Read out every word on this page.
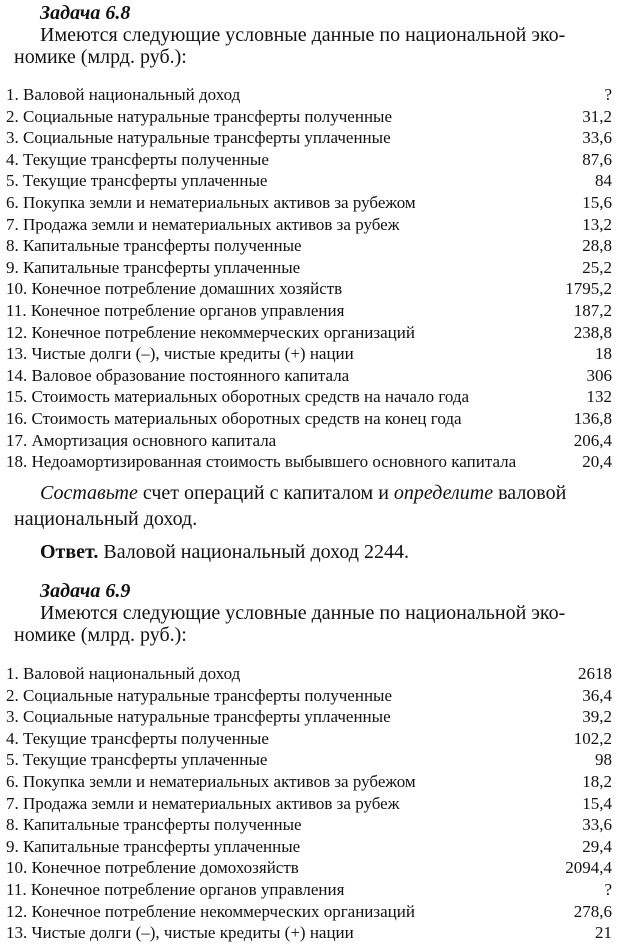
Задача 6.8
Имеются следующие условные данные по национальной эко-
номике (млрд. руб.):
1. Валовой национальный доход	?
2. Социальные натуральные трансферты полученные	31,2
3. Социальные натуральные трансферты уплаченные	33,6
4. Текущие трансферты полученные	87,6
5. Текущие трансферты уплаченные	84
6. Покупка земли и нематериальных активов за рубежом	15,6
7. Продажа земли и нематериальных активов за рубеж	13,2
8. Капитальные трансферты полученные	28,8
9. Капитальные трансферты уплаченные	25,2
10. Конечное потребление домашних хозяйств	1795,2
11. Конечное потребление органов управления	187,2
12. Конечное потребление некоммерческих организаций	238,8
13. Чистые долги (–), чистые кредиты (+) нации	18
14. Валовое образование постоянного капитала	306
15. Стоимость материальных оборотных средств на начало года	132
16. Стоимость материальных оборотных средств на конец года	136,8
17. Амортизация основного капитала	206,4
18. Недоамортизированная стоимость выбывшего основного капитала	20,4
Составьте счет операций с капиталом и определите валовой
национальный доход.
Ответ. Валовой национальный доход 2244.
Задача 6.9
Имеются следующие условные данные по национальной эко-
номике (млрд. руб.):
1. Валовой национальный доход	2618
2. Социальные натуральные трансферты полученные	36,4
3. Социальные натуральные трансферты уплаченные	39,2
4. Текущие трансферты полученные	102,2
5. Текущие трансферты уплаченные	98
6. Покупка земли и нематериальных активов за рубежом	18,2
7. Продажа земли и нематериальных активов за рубеж	15,4
8. Капитальные трансферты полученные	33,6
9. Капитальные трансферты уплаченные	29,4
10. Конечное потребление домохозяйств	2094,4
11. Конечное потребление органов управления	?
12. Конечное потребление некоммерческих организаций	278,6
13. Чистые долги (–), чистые кредиты (+) нации	21
